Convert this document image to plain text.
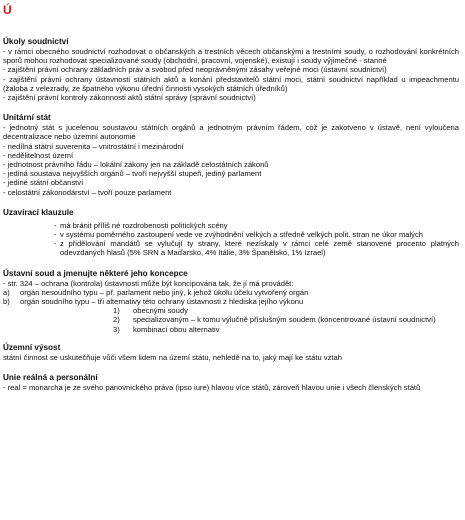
Ú
Úkoly soudnictví
- v rámci obecného soudnictví rozhodovat o občanských a trestních věcech občanskými a trestními soudy, o rozhodování konkrétních sporů mohou rozhodovat specializované soudy (obchodní, pracovní, vojenské), existují i soudy výjimečné - stanné
- zajištění právní ochrany základních práv a svobod před neoprávněnými zásahy veřejné moci (ústavní soudnictví)
- zajištění právní ochrany ústavnosti státních aktů a konání představitelů státní moci, státní soudnictví například u impeachmentu (žaloba z velezrady, ze špatného výkonu úřední činnosti vysokých státních úředníků)
- zajištění právní kontroly zákonnosti aktů státní správy (správní soudnictví)
Unitární stát
- jednotný stát s jucelenou soustavou státních orgánů a jednotným právním řádem, což je zakotveno v ústavě, není vyloučena decentralizace nebo územní autonomie
- nedílná státní suverenita – vnitrostátní i mezinárodní
- nedělitelnost území
- jednotnost právního řádu – lokální zákony jen na základě celostátních zákonů
- jediná soustava nejvyšších orgánů – tvoří nejvyšší stupeň, jediný parlament
- jediné státní občanství
- celostátní zákonodárství – tvoří pouze parlament
Uzavírací klauzule
- má bránit příliš né rozdrobenosti politických scény
- v systému poměrného zastoupení vede ve zvýhodnění velkých a středně velkých polit. stran ne úkor malých
- z přidělování mandátů se vylučují ty strany, které nezískaly v rámci celé země stanovené procento platných odevzdaných hlasů (5% SRN a Maďarsko, 4% Itálie, 3% Španělsko, 1% Izrael)
Ústavní soud a jmenujte některé jeho koncepce
- str. 324 – ochrana (kontrola) ústavnosti může být koncipována tak, že jí má provádět:
a)	orgán nesoudního typu – př. parlament nebo jiný, k jehož úkolu účelu vytvořený orgán
b)	orgán soudního typu – tři alternativy této ochrany ústavnosti z hlediska jejího výkonu
1)	obecnými soudy
2)	specializovaným – k tomu výlučně příslušným soudem (koncentrované ústavní soudnictví)
3)	kombinací obou alternativ
Územní výsost
státní činnost se uskutečňuje vůči všem lidem na území státu, nehledě na to, jaký mají ke státu vztah
Unie reálná a personální
- real = monarcha je ze svého panovnického práva (ipso iure) hlavou více států, zároveň hlavou unie i všech členských států
